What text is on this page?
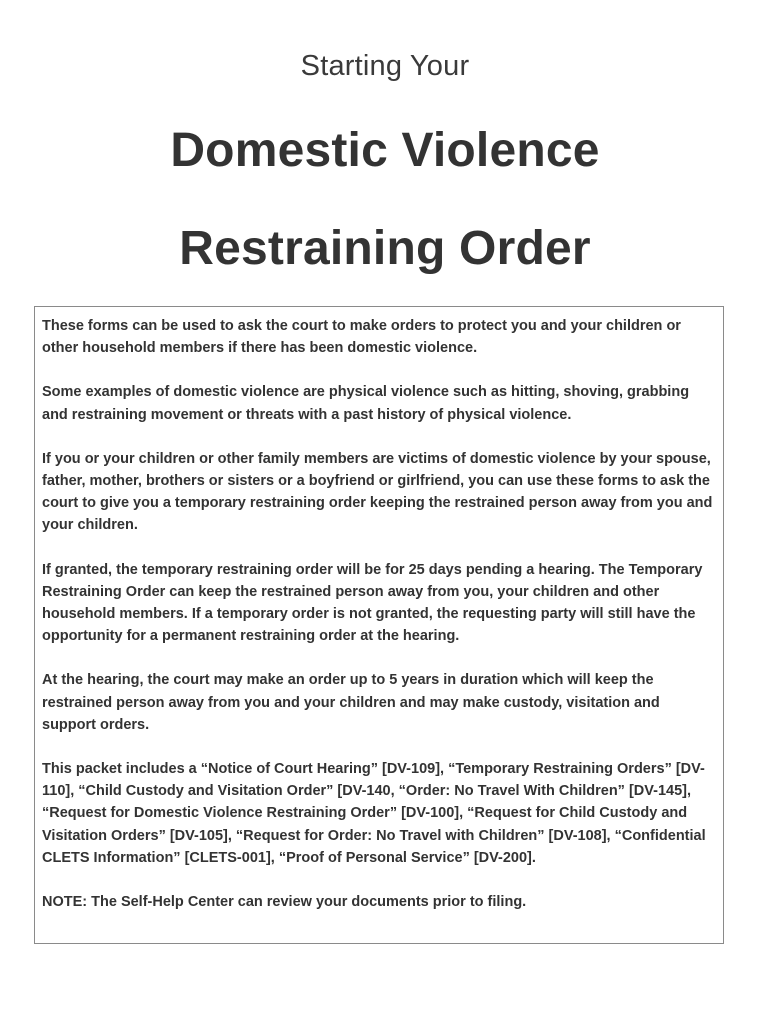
Starting Your
Domestic Violence
Restraining Order

These forms can be used to ask the court to make orders to protect you and your children or other household members if there has been domestic violence.

Some examples of domestic violence are physical violence such as hitting, shoving, grabbing and restraining movement or threats with a past history of physical violence.

If you or your children or other family members are victims of domestic violence by your spouse, father, mother, brothers or sisters or a boyfriend or girlfriend, you can use these forms to ask the court to give you a temporary restraining order keeping the restrained person away from you and your children.

If granted, the temporary restraining order will be for 25 days pending a hearing. The Temporary Restraining Order can keep the restrained person away from you, your children and other household members. If a temporary order is not granted, the requesting party will still have the opportunity for a permanent restraining order at the hearing.

At the hearing, the court may make an order up to 5 years in duration which will keep the restrained person away from you and your children and may make custody, visitation and support orders.

This packet includes a “Notice of Court Hearing” [DV-109], “Temporary Restraining Orders” [DV-110], “Child Custody and Visitation Order” [DV-140, “Order: No Travel With Children” [DV-145], “Request for Domestic Violence Restraining Order” [DV-100], “Request for Child Custody and Visitation Orders” [DV-105], “Request for Order: No Travel with Children” [DV-108], “Confidential CLETS Information” [CLETS-001], “Proof of Personal Service” [DV-200].

NOTE: The Self-Help Center can review your documents prior to filing.
